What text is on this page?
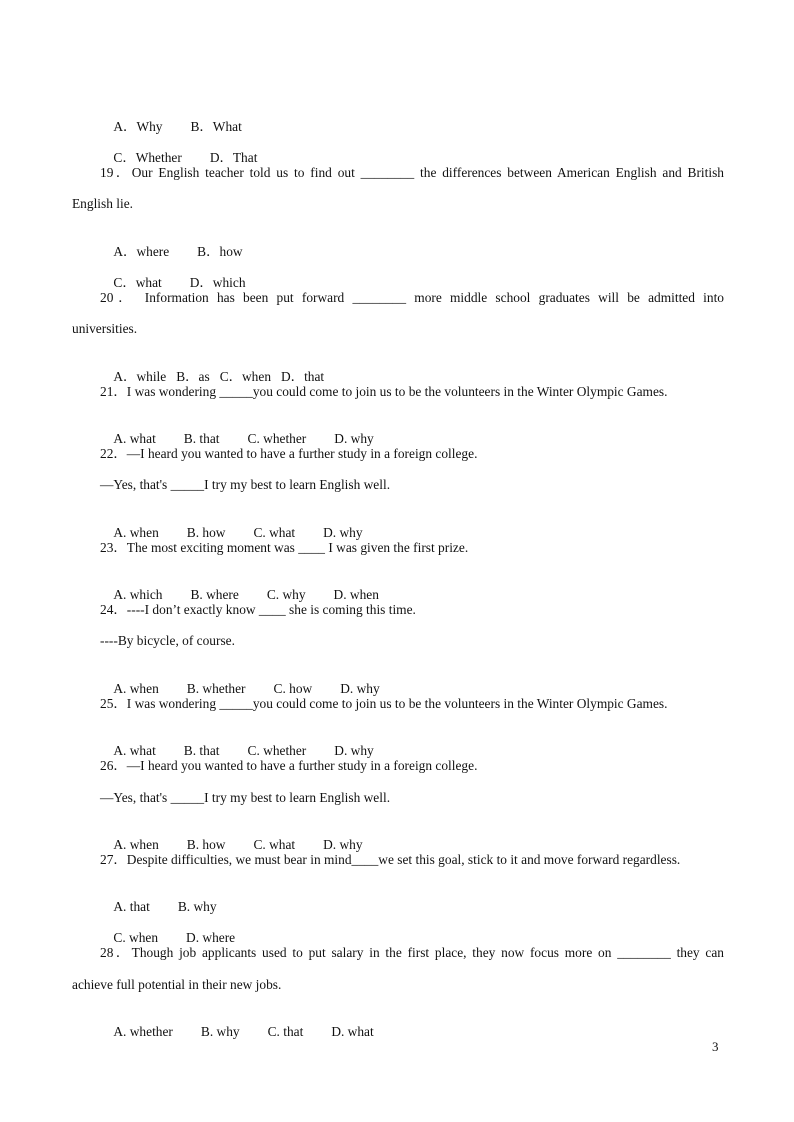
A．Why B．What

C．Whether D．That

19．Our English teacher told us to find out ________ the differences between American English and British
English lie.

A．where B．how

C．what D．which

20． Information has been put forward ________ more middle school graduates will be admitted into
universities.

A．while B．as C．when D．that

21．I was wondering _____you could come to join us to be the volunteers in the Winter Olympic Games.

A. what B. that C. whether D. why

22．—I heard you wanted to have a further study in a foreign college.
—Yes, that's _____I try my best to learn English well.

A. when B. how C. what D. why

23．The most exciting moment was ____ I was given the first prize.

A. which B. where C. why D. when

24．----I don’t exactly know ____ she is coming this time.
----By bicycle, of course.

A. when B. whether C. how D. why

25．I was wondering _____you could come to join us to be the volunteers in the Winter Olympic Games.

A. what B. that C. whether D. why

26．—I heard you wanted to have a further study in a foreign college.
—Yes, that's _____I try my best to learn English well.

A. when B. how C. what D. why

27．Despite difficulties, we must bear in mind____we set this goal, stick to it and move forward regardless.

A. that B. why

C. when D. where

28．Though job applicants used to put salary in the first place, they now focus more on ________ they can
achieve full potential in their new jobs.

A. whether B. why C. that D. what

3
